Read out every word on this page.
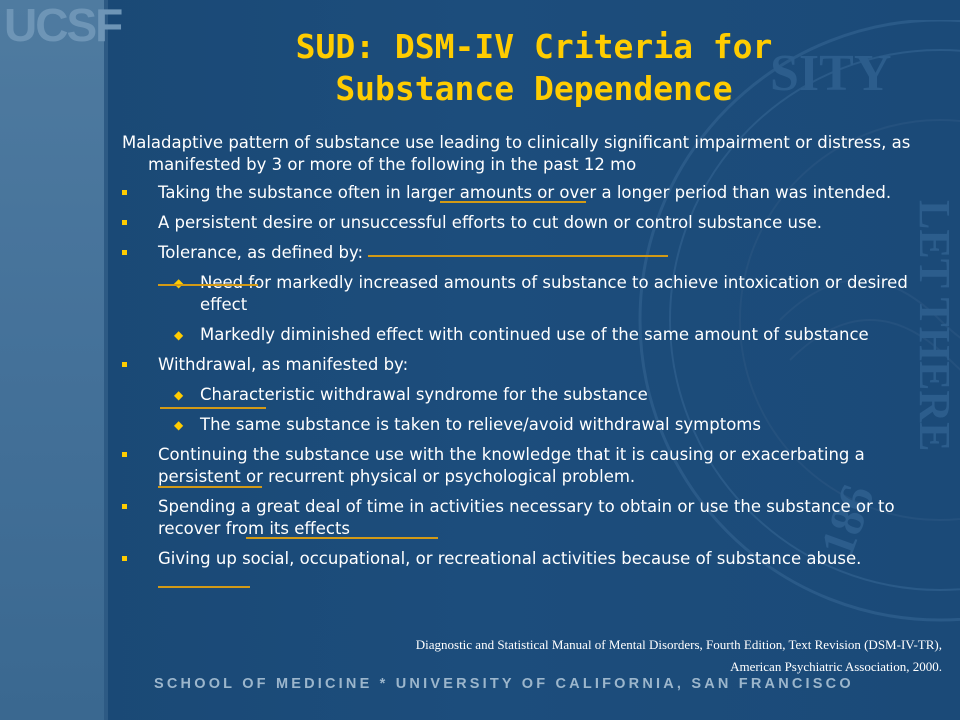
UCSF
SITY
LET THERE
186
SUD: DSM-IV Criteria for
Substance Dependence

Maladaptive pattern of substance use leading to clinically significant impairment or distress, as manifested by 3 or more of the following in the past 12 mo

Taking the substance often in larger amounts or over a longer period than was intended.
A persistent desire or unsuccessful efforts to cut down or control substance use.
Tolerance, as defined by:
◆ Need for markedly increased amounts of substance to achieve intoxication or desired effect
◆ Markedly diminished effect with continued use of the same amount of substance
Withdrawal, as manifested by:
◆ Characteristic withdrawal syndrome for the substance
◆ The same substance is taken to relieve/avoid withdrawal symptoms
Continuing the substance use with the knowledge that it is causing or exacerbating a persistent or recurrent physical or psychological problem.
Spending a great deal of time in activities necessary to obtain or use the substance or to recover from its effects
Giving up social, occupational, or recreational activities because of substance abuse.
Diagnostic and Statistical Manual of Mental Disorders, Fourth Edition, Text Revision (DSM-IV-TR),
American Psychiatric Association, 2000.
SCHOOL OF MEDICINE * UNIVERSITY OF CALIFORNIA, SAN FRANCISCO
